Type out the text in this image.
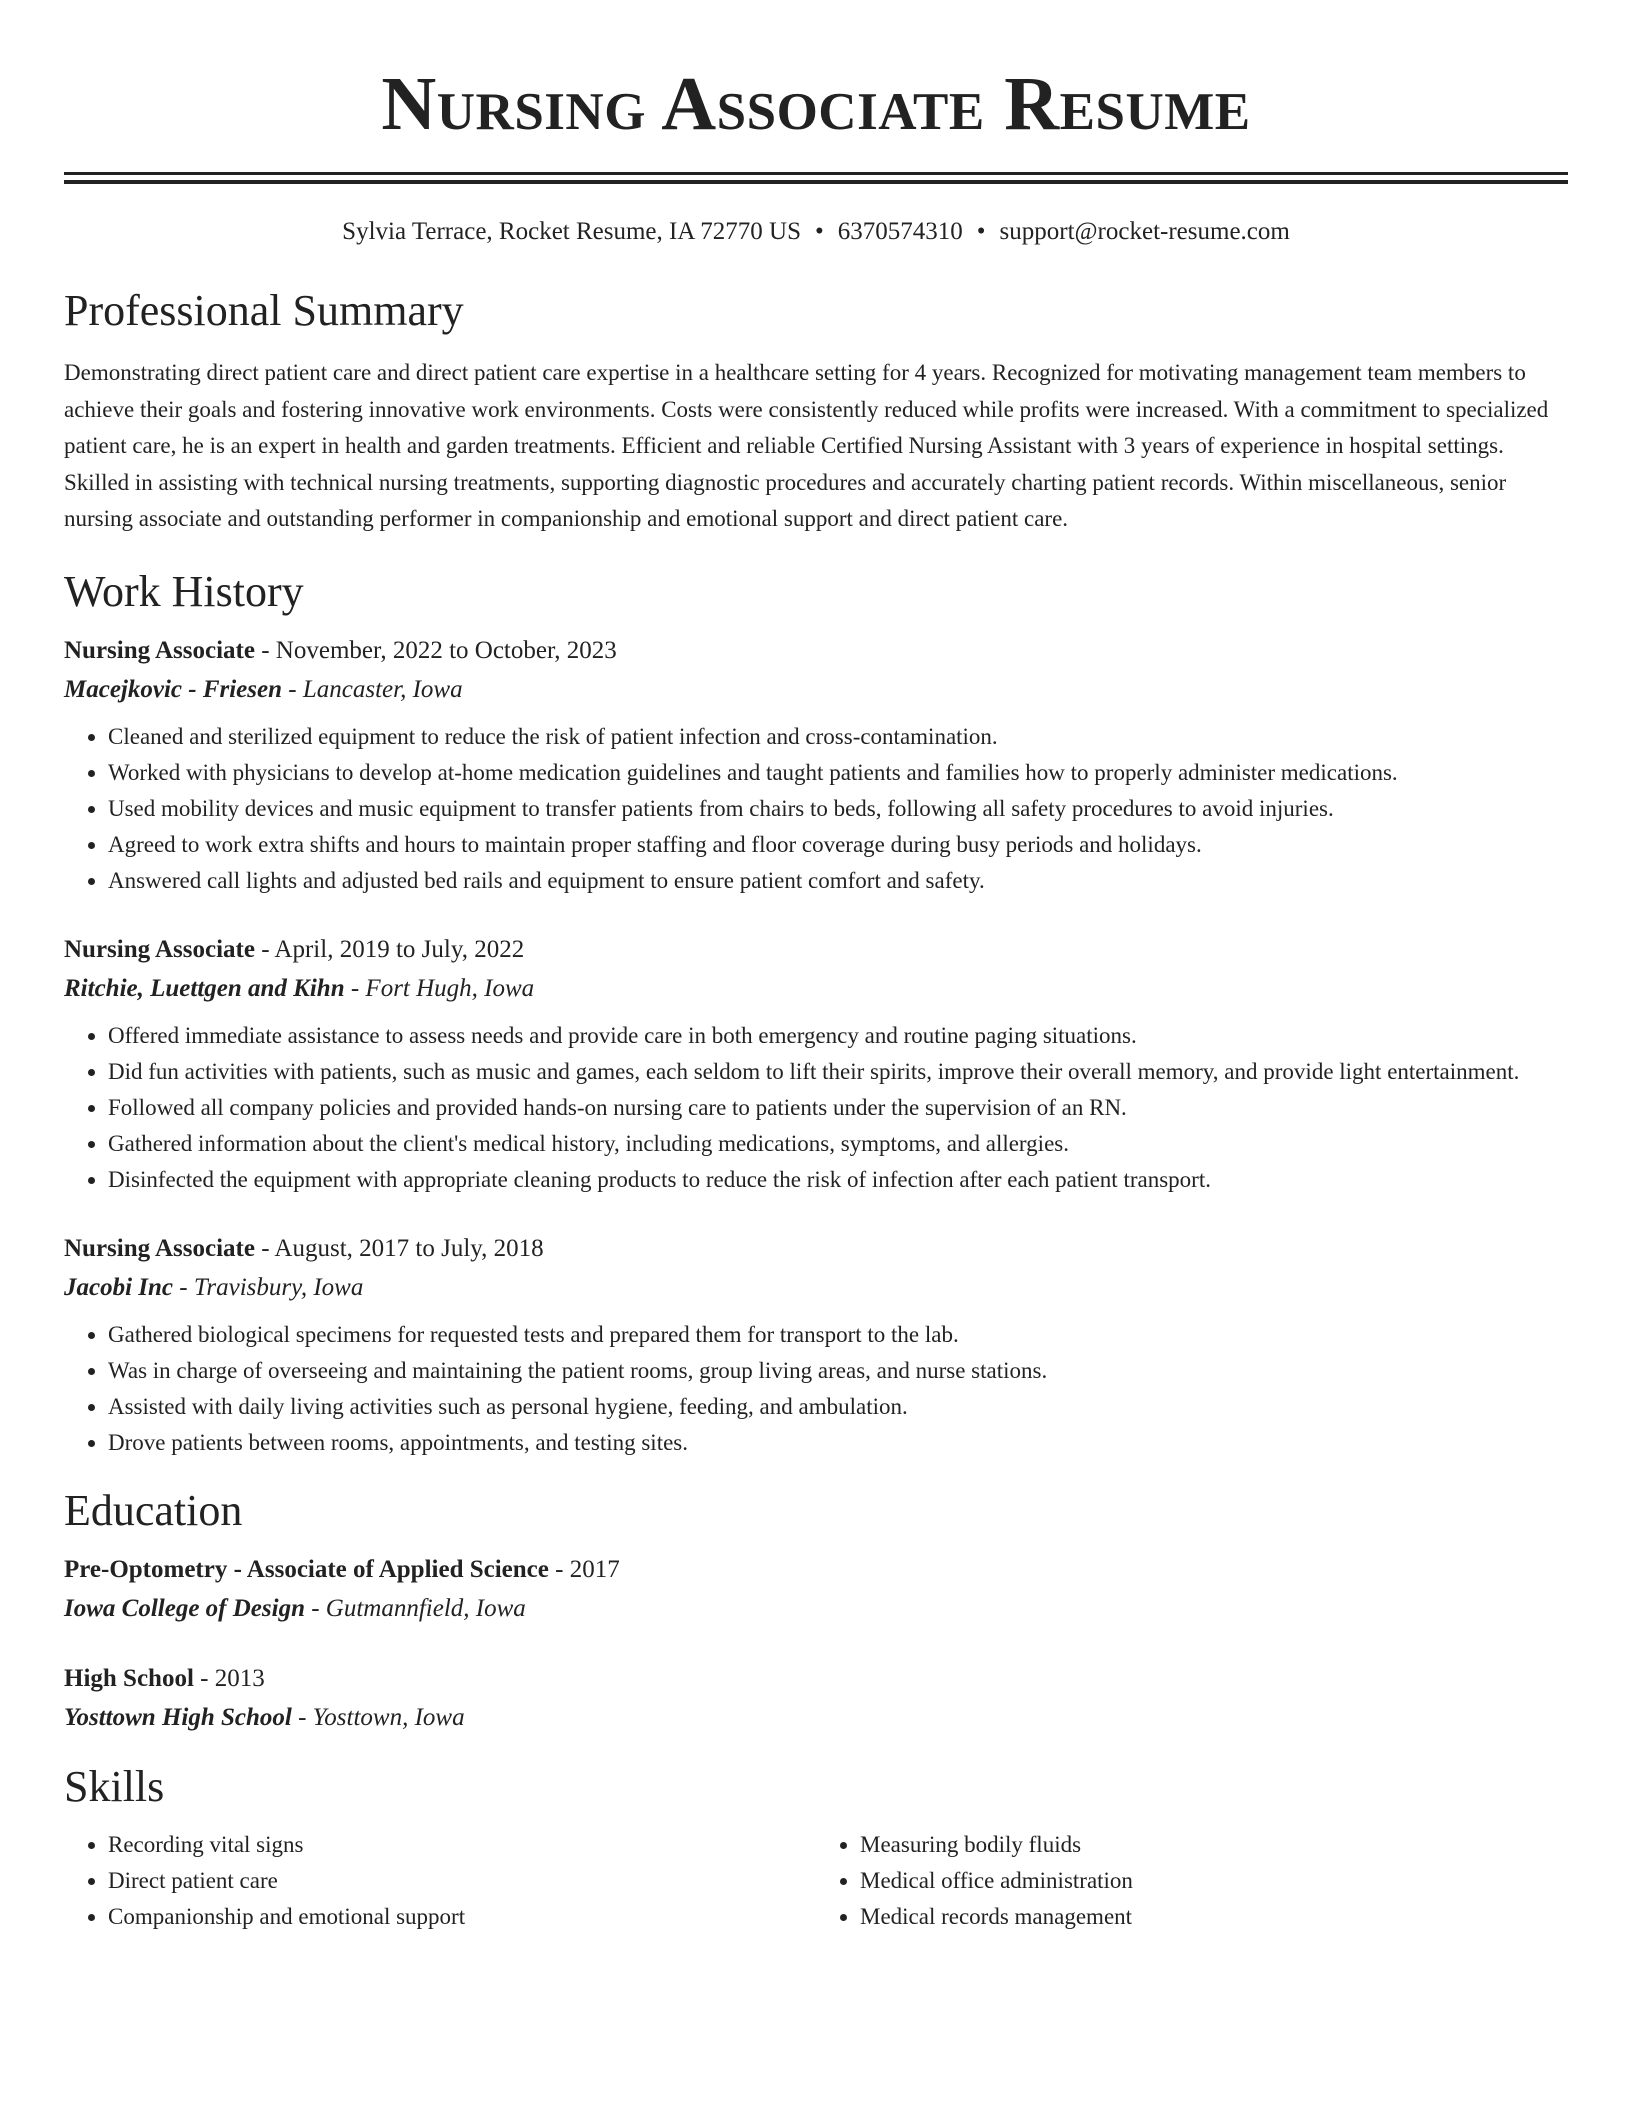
Nursing Associate Resume
Sylvia Terrace, Rocket Resume, IA 72770 US • 6370574310 • support@rocket-resume.com
Professional Summary

Demonstrating direct patient care and direct patient care expertise in a healthcare setting for 4 years. Recognized for motivating management team members to achieve their goals and fostering innovative work environments. Costs were consistently reduced while profits were increased. With a commitment to specialized patient care, he is an expert in health and garden treatments. Efficient and reliable Certified Nursing Assistant with 3 years of experience in hospital settings. Skilled in assisting with technical nursing treatments, supporting diagnostic procedures and accurately charting patient records. Within miscellaneous, senior nursing associate and outstanding performer in companionship and emotional support and direct patient care.

Work History
Nursing Associate - November, 2022 to October, 2023
Macejkovic - Friesen - Lancaster, Iowa
• Cleaned and sterilized equipment to reduce the risk of patient infection and cross-contamination.
• Worked with physicians to develop at-home medication guidelines and taught patients and families how to properly administer medications.
• Used mobility devices and music equipment to transfer patients from chairs to beds, following all safety procedures to avoid injuries.
• Agreed to work extra shifts and hours to maintain proper staffing and floor coverage during busy periods and holidays.
• Answered call lights and adjusted bed rails and equipment to ensure patient comfort and safety.
Nursing Associate - April, 2019 to July, 2022
Ritchie, Luettgen and Kihn - Fort Hugh, Iowa
• Offered immediate assistance to assess needs and provide care in both emergency and routine paging situations.
• Did fun activities with patients, such as music and games, each seldom to lift their spirits, improve their overall memory, and provide light entertainment.
• Followed all company policies and provided hands-on nursing care to patients under the supervision of an RN.
• Gathered information about the client's medical history, including medications, symptoms, and allergies.
• Disinfected the equipment with appropriate cleaning products to reduce the risk of infection after each patient transport.
Nursing Associate - August, 2017 to July, 2018
Jacobi Inc - Travisbury, Iowa
• Gathered biological specimens for requested tests and prepared them for transport to the lab.
• Was in charge of overseeing and maintaining the patient rooms, group living areas, and nurse stations.
• Assisted with daily living activities such as personal hygiene, feeding, and ambulation.
• Drove patients between rooms, appointments, and testing sites.
Education
Pre-Optometry - Associate of Applied Science - 2017
Iowa College of Design - Gutmannfield, Iowa
High School - 2013
Yosttown High School - Yosttown, Iowa
Skills
• Recording vital signs
• Direct patient care
• Companionship and emotional support
• Measuring bodily fluids
• Medical office administration
• Medical records management
